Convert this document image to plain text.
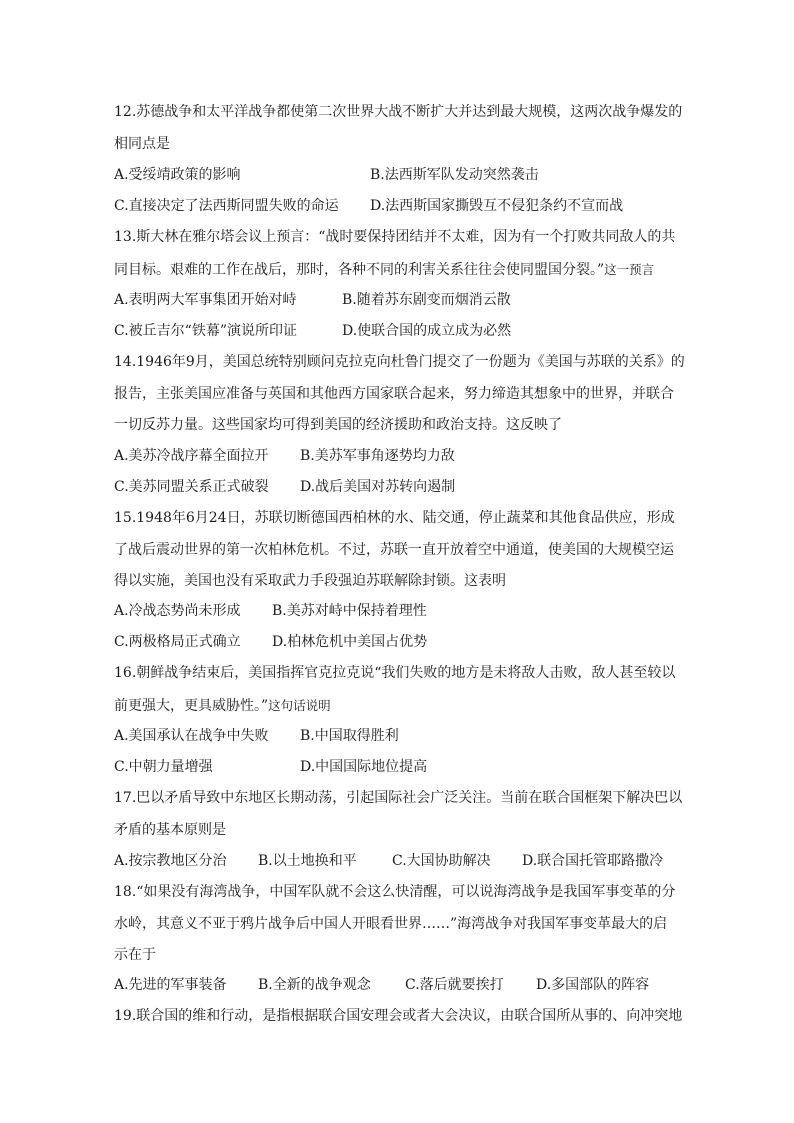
12.苏德战争和太平洋战争都使第二次世界大战不断扩大并达到最大规模，这两次战争爆发的
相同点是
A.受绥靖政策的影响	B.法西斯军队发动突然袭击
C.直接决定了法西斯同盟失败的命运 D.法西斯国家撕毁互不侵犯条约不宣而战
13.斯大林在雅尔塔会议上预言：“战时要保持团结并不太难，因为有一个打败共同敌人的共
同目标。艰难的工作在战后，那时，各种不同的利害关系往往会使同盟国分裂。”这一预言
A.表明两大军事集团开始对峙	B.随着苏东剧变而烟消云散
C.被丘吉尔“铁幕”演说所印证	D.使联合国的成立成为必然
14.1946年9月，美国总统特别顾问克拉克向杜鲁门提交了一份题为《美国与苏联的关系》的
报告，主张美国应准备与英国和其他西方国家联合起来，努力缔造其想象中的世界，并联合
一切反苏力量。这些国家均可得到美国的经济援助和政治支持。这反映了
A.美苏冷战序幕全面拉开 B.美苏军事角逐势均力敌
C.美苏同盟关系正式破裂 D.战后美国对苏转向遏制
15.1948年6月24日，苏联切断德国西柏林的水、陆交通，停止蔬菜和其他食品供应，形成
了战后震动世界的第一次柏林危机。不过，苏联一直开放着空中通道，使美国的大规模空运
得以实施，美国也没有采取武力手段强迫苏联解除封锁。这表明
A.冷战态势尚未形成 B.美苏对峙中保持着理性
C.两极格局正式确立 D.柏林危机中美国占优势
16.朝鲜战争结束后，美国指挥官克拉克说“我们失败的地方是未将敌人击败，敌人甚至较以
前更强大，更具威胁性。”这句话说明
A.美国承认在战争中失败 B.中国取得胜利
C.中朝力量增强	D.中国国际地位提高
17.巴以矛盾导致中东地区长期动荡，引起国际社会广泛关注。当前在联合国框架下解决巴以
矛盾的基本原则是
A.按宗教地区分治 B.以土地换和平	C.大国协助解决 D.联合国托管耶路撒冷
18.“如果没有海湾战争，中国军队就不会这么快清醒，可以说海湾战争是我国军事变革的分
水岭，其意义不亚于鸦片战争后中国人开眼看世界……”海湾战争对我国军事变革最大的启
示在于
A.先进的军事装备 B.全新的战争观念 C.落后就要挨打 D.多国部队的阵容
19.联合国的维和行动，是指根据联合国安理会或者大会决议，由联合国所从事的、向冲突地
